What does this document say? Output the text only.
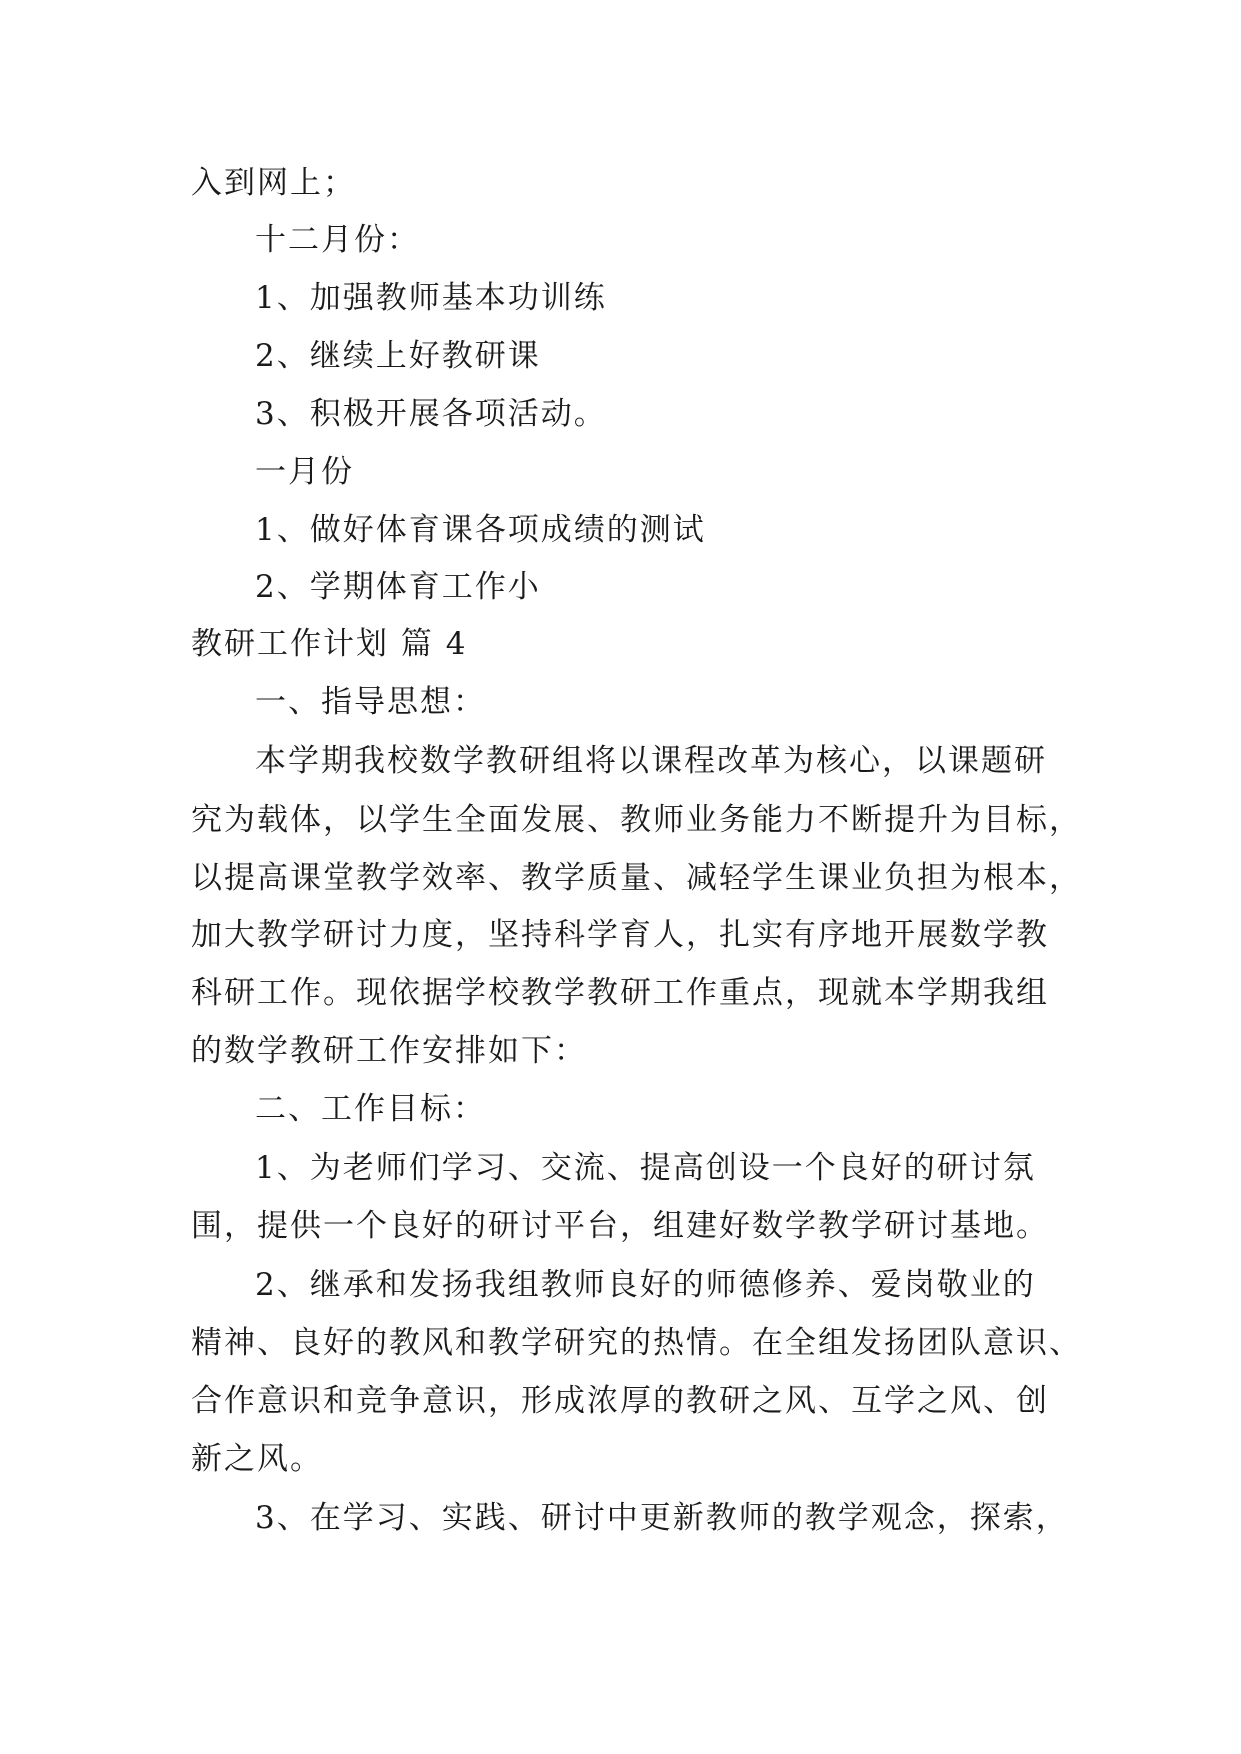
入到网上；
十二月份：
1、加强教师基本功训练
2、继续上好教研课
3、积极开展各项活动。
一月份
1、做好体育课各项成绩的测试
2、学期体育工作小
教研工作计划 篇 4
一、指导思想：
本学期我校数学教研组将以课程改革为核心，以课题研
究为载体，以学生全面发展、教师业务能力不断提升为目标，
以提高课堂教学效率、教学质量、减轻学生课业负担为根本，
加大教学研讨力度，坚持科学育人，扎实有序地开展数学教
科研工作。现依据学校教学教研工作重点，现就本学期我组
的数学教研工作安排如下：
二、工作目标：
1、为老师们学习、交流、提高创设一个良好的研讨氛
围，提供一个良好的研讨平台，组建好数学教学研讨基地。
2、继承和发扬我组教师良好的师德修养、爱岗敬业的
精神、良好的教风和教学研究的热情。在全组发扬团队意识、
合作意识和竞争意识，形成浓厚的教研之风、互学之风、创
新之风。
3、在学习、实践、研讨中更新教师的教学观念，探索，
